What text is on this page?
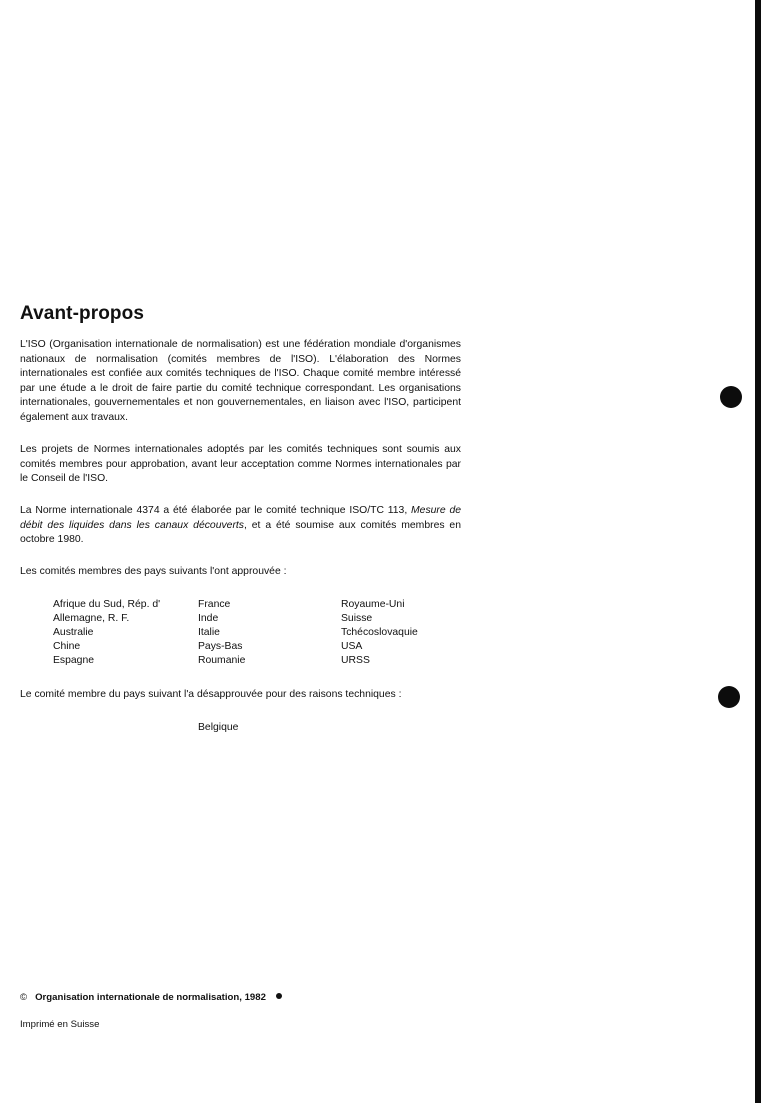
Avant-propos

L'ISO (Organisation internationale de normalisation) est une fédération mondiale d'organismes nationaux de normalisation (comités membres de l'ISO). L'élaboration des Normes internationales est confiée aux comités techniques de l'ISO. Chaque comité membre intéressé par une étude a le droit de faire partie du comité technique correspondant. Les organisations internationales, gouvernementales et non gouvernementales, en liaison avec l'ISO, participent également aux travaux.

Les projets de Normes internationales adoptés par les comités techniques sont soumis aux comités membres pour approbation, avant leur acceptation comme Normes internationales par le Conseil de l'ISO.

La Norme internationale 4374 a été élaborée par le comité technique ISO/TC 113, Mesure de débit des liquides dans les canaux découverts, et a été soumise aux comités membres en octobre 1980.

Les comités membres des pays suivants l'ont approuvée :

Afrique du Sud, Rép. d'
Allemagne, R. F.
Australie
Chine
Espagne
France
Inde
Italie
Pays-Bas
Roumanie
Royaume-Uni
Suisse
Tchécoslovaquie
USA
URSS

Le comité membre du pays suivant l'a désapprouvée pour des raisons techniques :

Belgique
© Organisation internationale de normalisation, 1982
Imprimé en Suisse
